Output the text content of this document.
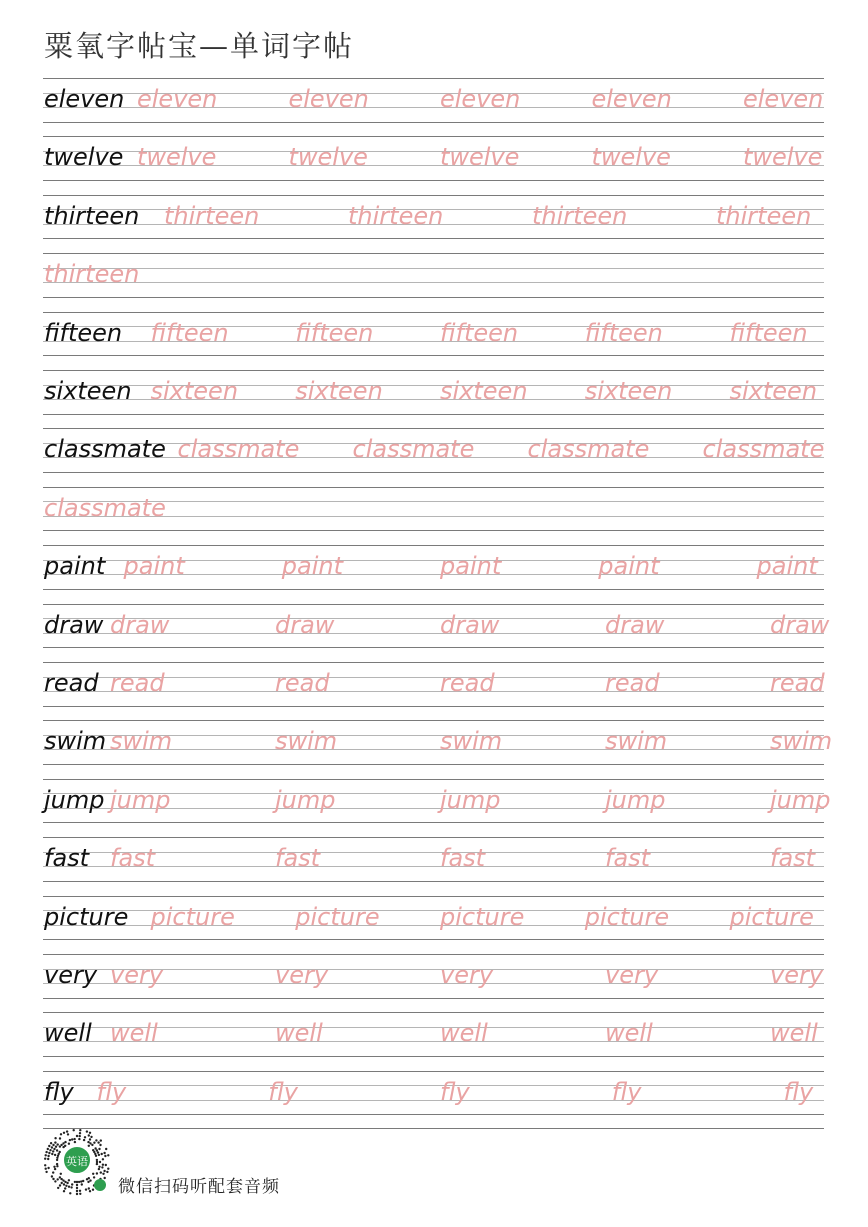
粟氧字帖宝—单词字帖
eleven eleven	eleven	eleven	eleven	eleven
twelve twelve	twelve	twelve	twelve	twelve
thirteen thirteen	thirteen	thirteen	thirteen
thirteen
fifteen fifteen	fifteen	fifteen	fifteen	fifteen
sixteen sixteen sixteen sixteen sixteen sixteen
classmate classmate classmate classmate classmate
classmate
paint paint	paint	paint	paint	paint
draw draw	draw	draw	draw	draw
read read	read	read	read	read
swim swim	swim	swim	swim	swim
jump jump	jump	jump	jump	jump
fast fast	fast	fast	fast	fast
picture picture	picture	picture	picture	picture
very very	very	very	very	very
well well	well	well	well	well
fly fly	fly	fly	fly	fly
英语
微信扫码听配套音频
